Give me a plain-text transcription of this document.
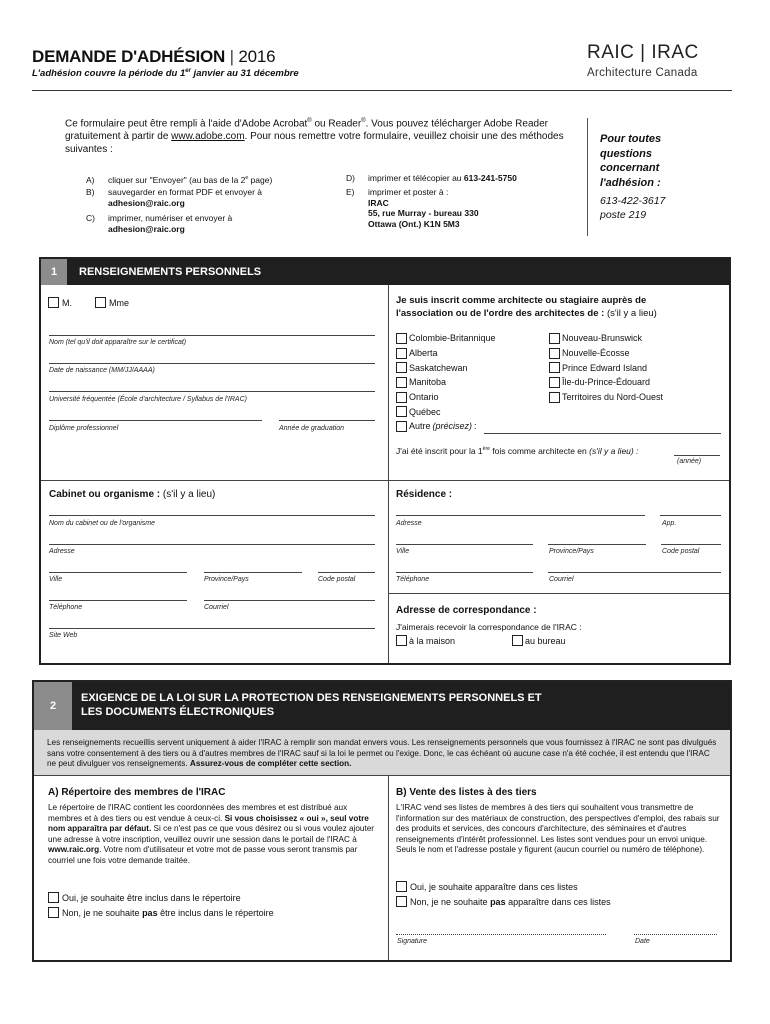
DEMANDE D'ADHÉSION | 2016
L'adhésion couvre la période du 1er janvier au 31 décembre
RAIC | IRAC
Architecture Canada
Ce formulaire peut être rempli à l'aide d'Adobe Acrobat® ou Reader®. Vous pouvez télécharger Adobe Reader gratuitement à partir de www.adobe.com. Pour nous remettre votre formulaire, veuillez choisir une des méthodes suivantes :
A) cliquer sur "Envoyer" (au bas de la 2e page)
B) sauvegarder en format PDF et envoyer à
adhesion@raic.org
C) imprimer, numériser et envoyer à
adhesion@raic.org
D) imprimer et télécopier au 613-241-5750
E) imprimer et poster à :
IRAC
55, rue Murray - bureau 330
Ottawa (Ont.) K1N 5M3
Pour toutes questions concernant l'adhésion :
613-422-3617
poste 219
1	RENSEIGNEMENTS PERSONNELS
M.	Mme
Nom (tel qu'il doit apparaître sur le certificat)
Date de naissance (MM/JJ/AAAA)
Université fréquentée (École d'architecture / Syllabus de l'IRAC)
Diplôme professionnel	Année de graduation
Je suis inscrit comme architecte ou stagiaire auprès de
l'association ou de l'ordre des architectes de : (s'il y a lieu)
Colombie-Britannique
Alberta
Saskatchewan
Manitoba
Ontario
Québec
Autre (précisez) :
Nouveau-Brunswick
Nouvelle-Écosse
Prince Edward Island
Île-du-Prince-Édouard
Territoires du Nord-Ouest
J'ai été inscrit pour la 1ère fois comme architecte en (s'il y a lieu) :
(année)
Cabinet ou organisme : (s'il y a lieu)
Nom du cabinet ou de l'organisme
Adresse
Ville	Province/Pays	Code postal
Téléphone	Courriel
Site Web
Résidence :
Adresse	App.
Ville	Province/Pays	Code postal
Téléphone	Courriel
Adresse de correspondance :
J'aimerais recevoir la correspondance de l'IRAC :
à la maison	au bureau
2
EXIGENCE DE LA LOI SUR LA PROTECTION DES RENSEIGNEMENTS PERSONNELS ET
LES DOCUMENTS ÉLECTRONIQUES
Les renseignements recueillis servent uniquement à aider l'IRAC à remplir son mandat envers vous. Les renseignements personnels que vous fournissez à l'IRAC ne sont pas divulgués sans votre consentement à des tiers ou à d'autres membres de l'IRAC sauf si la loi le permet ou l'exige. Donc, le cas échéant où aucune case n'a été cochée, il est entendu que l'IRAC ne peut divulguer vos renseignements. Assurez-vous de compléter cette section.
A) Répertoire des membres de l'IRAC
Le répertoire de l'IRAC contient les coordonnées des membres et est distribué aux membres et à des tiers ou est vendue à ceux-ci. Si vous choisissez « oui », seul votre nom apparaîtra par défaut. Si ce n'est pas ce que vous désirez ou si vous voulez ajouter une adresse à votre inscription, veuillez ouvrir une session dans le portail de l'IRAC à www.raic.org. Votre nom d'utilisateur et votre mot de passe vous seront transmis par courriel une fois votre demande traitée.
Oui, je souhaite être inclus dans le répertoire
Non, je ne souhaite pas être inclus dans le répertoire
B) Vente des listes à des tiers
L'IRAC vend ses listes de membres à des tiers qui souhaitent vous transmettre de l'information sur des matériaux de construction, des perspectives d'emploi, des rabais sur des produits et services, des concours d'architecture, des séminaires et d'autres renseignements d'intérêt professionnel. Les listes sont vendues pour un envoi unique. Seuls le nom et l'adresse postale y figurent (aucun courriel ou numéro de téléphone).
Oui, je souhaite apparaître dans ces listes
Non, je ne souhaite pas apparaître dans ces listes
Signature	Date
